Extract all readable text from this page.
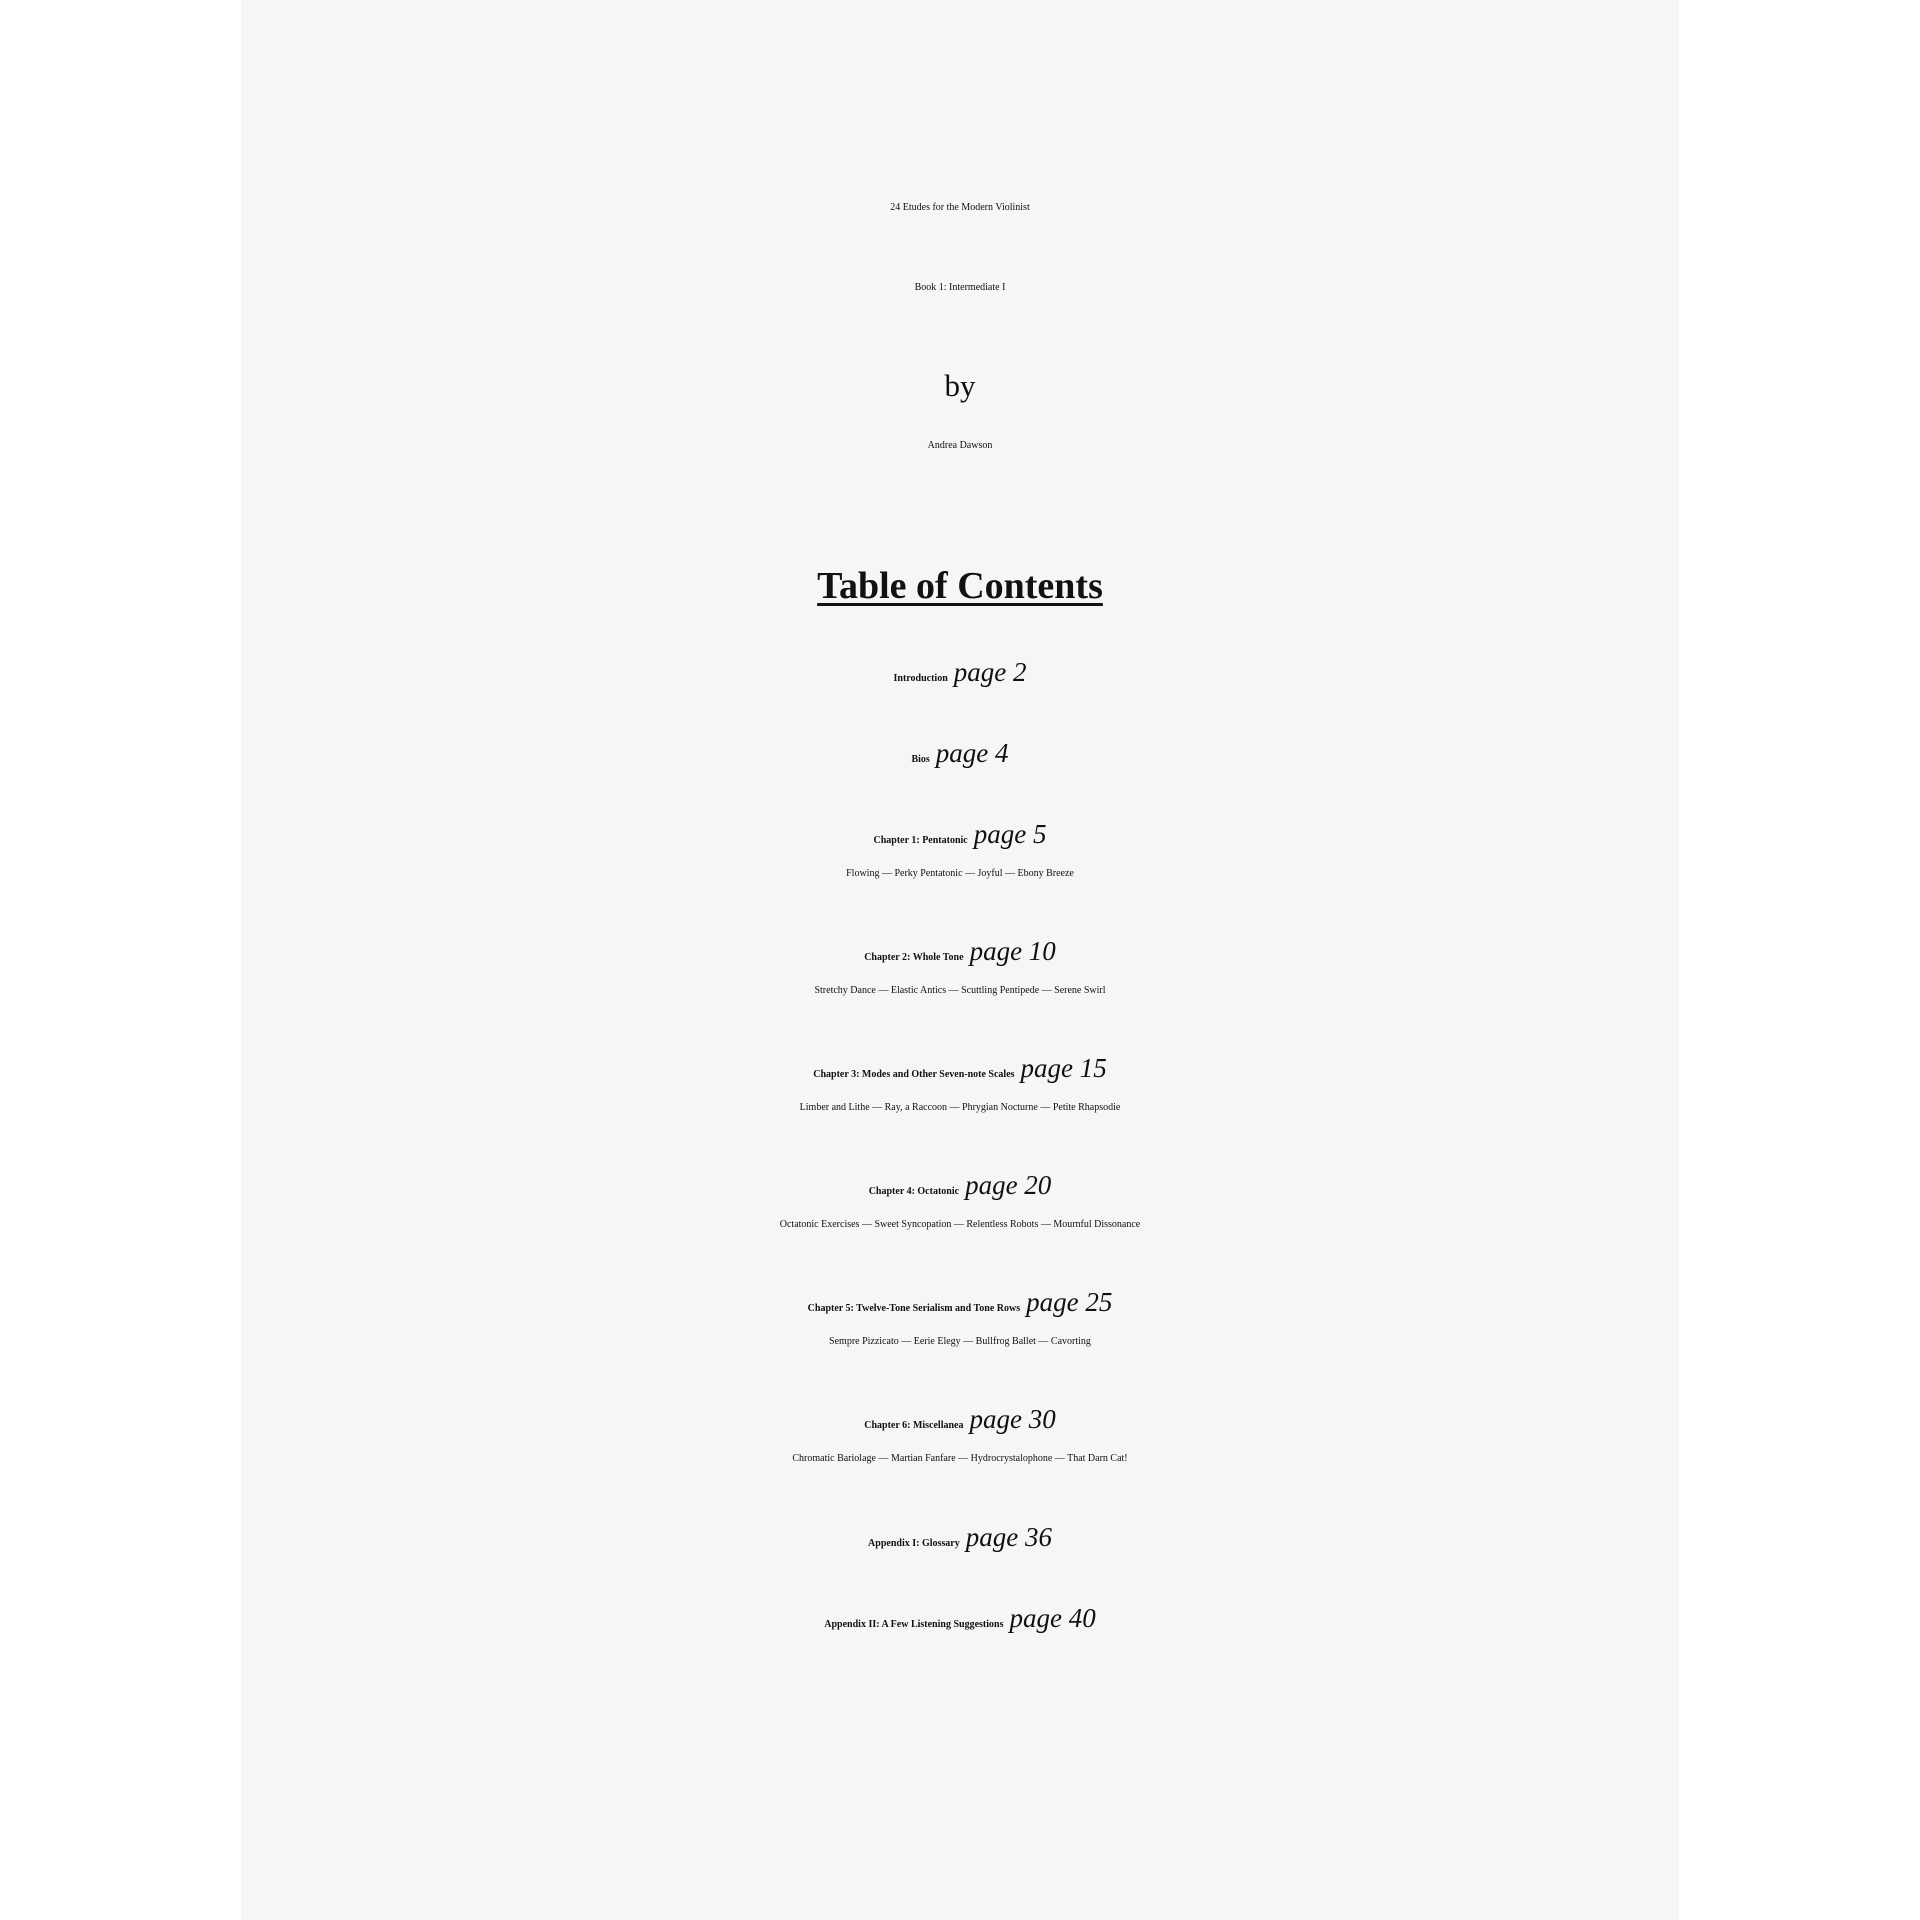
24 Etudes for the Modern Violinist
Book 1: Intermediate I
by
Andrea Dawson
Table of Contents
Introduction page 2
Bios page 4
Chapter 1: Pentatonic page 5
Flowing — Perky Pentatonic — Joyful — Ebony Breeze
Chapter 2: Whole Tone page 10
Stretchy Dance — Elastic Antics — Scuttling Pentipede — Serene Swirl
Chapter 3: Modes and Other Seven-note Scales page 15
Limber and Lithe — Ray, a Raccoon — Phrygian Nocturne — Petite Rhapsodie
Chapter 4: Octatonic page 20
Octatonic Exercises — Sweet Syncopation — Relentless Robots — Mournful Dissonance
Chapter 5: Twelve-Tone Serialism and Tone Rows page 25
Sempre Pizzicato — Eerie Elegy — Bullfrog Ballet — Cavorting
Chapter 6: Miscellanea page 30
Chromatic Bariolage — Martian Fanfare — Hydrocrystalophone — That Darn Cat!
Appendix I: Glossary page 36
Appendix II: A Few Listening Suggestions page 40
